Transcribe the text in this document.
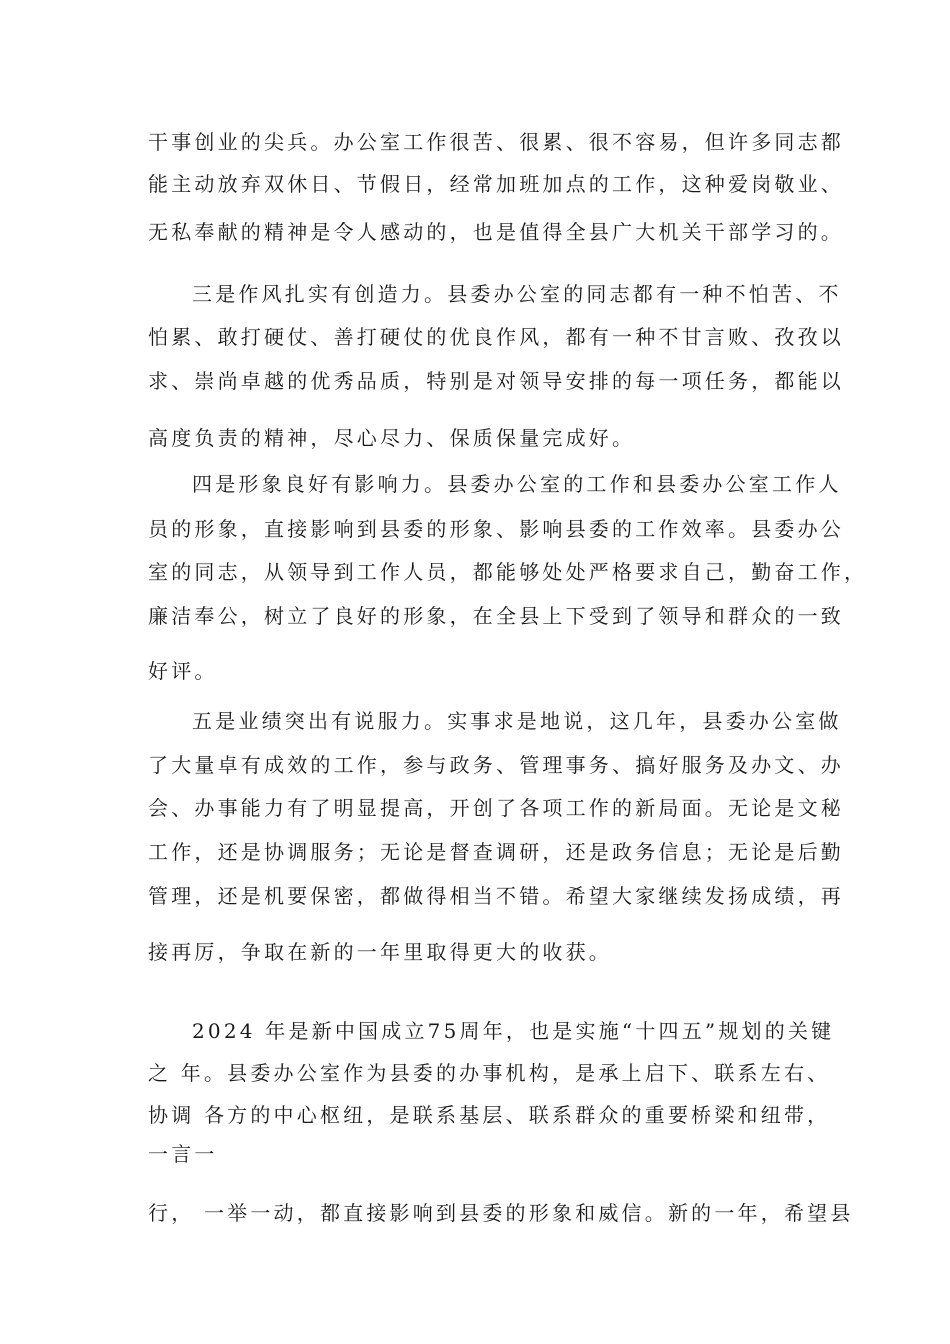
干事创业的尖兵。办公室工作很苦、很累、很不容易，但许多同志都

能主动放弃双休日、节假日，经常加班加点的工作，这种爱岗敬业、

无私奉献的精神是令人感动的，也是值得全县广大机关干部学习的。

三是作风扎实有创造力。县委办公室的同志都有一种不怕苦、不

怕累、敢打硬仗、善打硬仗的优良作风，都有一种不甘言败、孜孜以

求、崇尚卓越的优秀品质，特别是对领导安排的每一项任务，都能以

高度负责的精神，尽心尽力、保质保量完成好。

四是形象良好有影响力。县委办公室的工作和县委办公室工作人

员的形象，直接影响到县委的形象、影响县委的工作效率。县委办公

室的同志，从领导到工作人员，都能够处处严格要求自己，勤奋工作，

廉洁奉公，树立了良好的形象，在全县上下受到了领导和群众的一致

好评。

五是业绩突出有说服力。实事求是地说，这几年，县委办公室做

了大量卓有成效的工作，参与政务、管理事务、搞好服务及办文、办

会、办事能力有了明显提高，开创了各项工作的新局面。无论是文秘

工作，还是协调服务；无论是督查调研，还是政务信息；无论是后勤

管理，还是机要保密，都做得相当不错。希望大家继续发扬成绩，再

接再厉，争取在新的一年里取得更大的收获。

2024 年是新中国成立75周年，也是实施“十四五”规划的关键

之 年。县委办公室作为县委的办事机构，是承上启下、联系左右、

协调 各方的中心枢纽，是联系基层、联系群众的重要桥梁和纽带，

一言一

行， 一举一动，都直接影响到县委的形象和威信。新的一年，希望县
